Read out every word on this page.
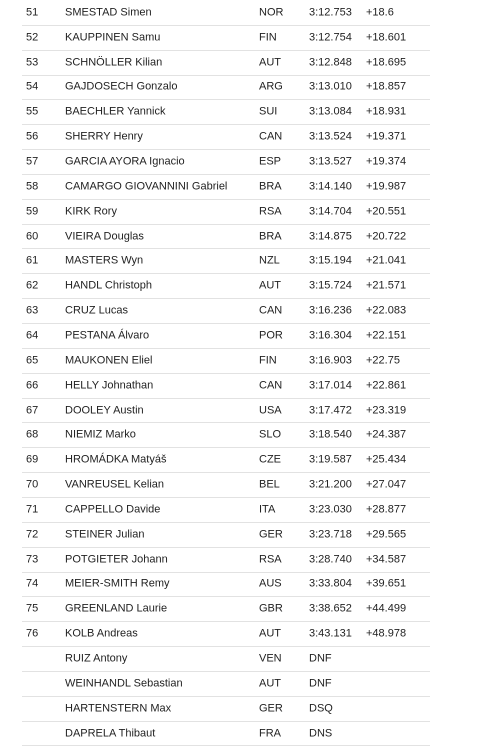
51 SMESTAD Simen	NOR 3:12.753 +18.6
52 KAUPPINEN Samu	FIN	3:12.754 +18.601
53 SCHNÖLLER Kilian	AUT	3:12.848 +18.695
54 GAJDOSECH Gonzalo	ARG 3:13.010 +18.857
55 BAECHLER Yannick	SUI	3:13.084 +18.931
56 SHERRY Henry	CAN 3:13.524 +19.371
57 GARCIA AYORA Ignacio	ESP	3:13.527 +19.374
58 CAMARGO GIOVANNINI Gabriel	BRA 3:14.140 +19.987
59 KIRK Rory	RSA 3:14.704 +20.551
60 VIEIRA Douglas	BRA 3:14.875 +20.722
61 MASTERS Wyn	NZL	3:15.194 +21.041
62 HANDL Christoph	AUT	3:15.724 +21.571
63 CRUZ Lucas	CAN 3:16.236 +22.083
64 PESTANA Álvaro	POR 3:16.304 +22.151
65 MAUKONEN Eliel	FIN	3:16.903 +22.75
66 HELLY Johnathan	CAN 3:17.014 +22.861
67 DOOLEY Austin	USA 3:17.472 +23.319
68 NIEMIZ Marko	SLO	3:18.540 +24.387
69 HROMÁDKA Matyáš	CZE	3:19.587 +25.434
70 VANREUSEL Kelian	BEL	3:21.200 +27.047
71 CAPPELLO Davide	ITA	3:23.030 +28.877
72 STEINER Julian	GER 3:23.718 +29.565
73 POTGIETER Johann	RSA 3:28.740 +34.587
74 MEIER-SMITH Remy	AUS 3:33.804 +39.651
75 GREENLAND Laurie	GBR 3:38.652 +44.499
76 KOLB Andreas	AUT	3:43.131 +48.978
RUIZ Antony	VEN DNF
WEINHANDL Sebastian	AUT	DNF
HARTENSTERN Max	GER DSQ
DAPRELA Thibaut	FRA	DNS
